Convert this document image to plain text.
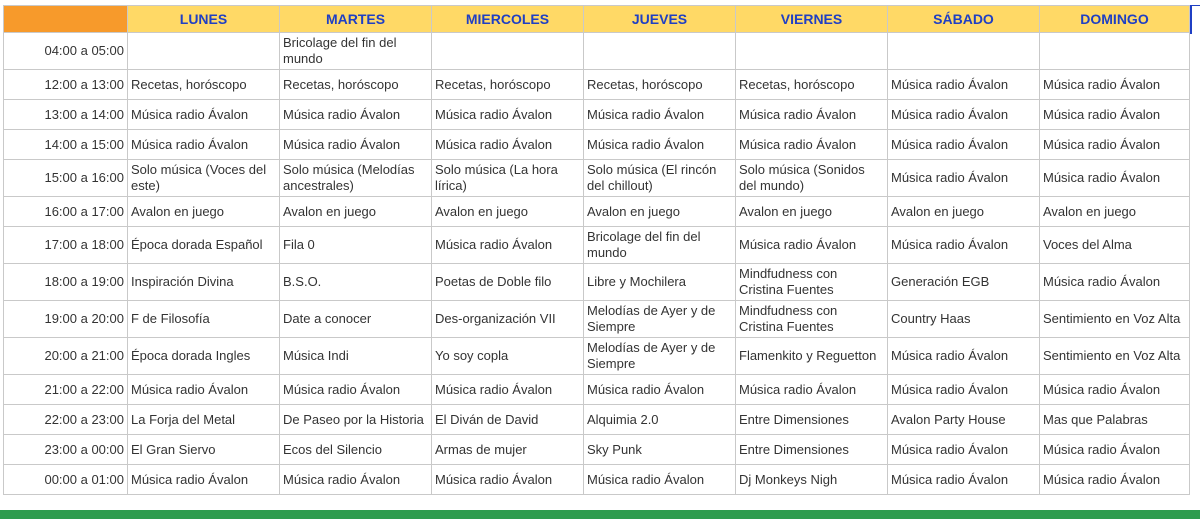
	LUNES	MARTES	MIERCOLES	JUEVES	VIERNES	SÁBADO	DOMINGO
04:00 a 05:00		Bricolage del fin del mundo					
12:00 a 13:00	Recetas, horóscopo	Recetas, horóscopo	Recetas, horóscopo	Recetas, horóscopo	Recetas, horóscopo	Música radio Ávalon	Música radio Ávalon
13:00 a 14:00	Música radio Ávalon	Música radio Ávalon	Música radio Ávalon	Música radio Ávalon	Música radio Ávalon	Música radio Ávalon	Música radio Ávalon
14:00 a 15:00	Música radio Ávalon	Música radio Ávalon	Música radio Ávalon	Música radio Ávalon	Música radio Ávalon	Música radio Ávalon	Música radio Ávalon
15:00 a 16:00	Solo música (Voces del este)	Solo música (Melodías ancestrales)	Solo música (La hora lírica)	Solo música (El rincón del chillout)	Solo música (Sonidos del mundo)	Música radio Ávalon	Música radio Ávalon
16:00 a 17:00	Avalon en juego	Avalon en juego	Avalon en juego	Avalon en juego	Avalon en juego	Avalon en juego	Avalon en juego
17:00 a 18:00	Época dorada Español	Fila 0	Música radio Ávalon	Bricolage del fin del mundo	Música radio Ávalon	Música radio Ávalon	Voces del Alma
18:00 a 19:00	Inspiración Divina	B.S.O.	Poetas de Doble filo	Libre y Mochilera	Mindfudness con Cristina Fuentes	Generación EGB	Música radio Ávalon
19:00 a 20:00	F de Filosofía	Date a conocer	Des-organización VII	Melodías de Ayer y de Siempre	Mindfudness con Cristina Fuentes	Country Haas	Sentimiento en Voz Alta
20:00 a 21:00	Época dorada Ingles	Música Indi	Yo soy copla	Melodías de Ayer y de Siempre	Flamenkito y Reguetton	Música radio Ávalon	Sentimiento en Voz Alta
21:00 a 22:00	Música radio Ávalon	Música radio Ávalon	Música radio Ávalon	Música radio Ávalon	Música radio Ávalon	Música radio Ávalon	Música radio Ávalon
22:00 a 23:00	La Forja del Metal	De Paseo por la Historia	El Diván de David	Alquimia 2.0	Entre Dimensiones	Avalon Party House	Mas que Palabras
23:00 a 00:00	El Gran Siervo	Ecos del Silencio	Armas de mujer	Sky Punk	Entre Dimensiones	Música radio Ávalon	Música radio Ávalon
00:00 a 01:00	Música radio Ávalon	Música radio Ávalon	Música radio Ávalon	Música radio Ávalon	Dj Monkeys Nigh	Música radio Ávalon	Música radio Ávalon
